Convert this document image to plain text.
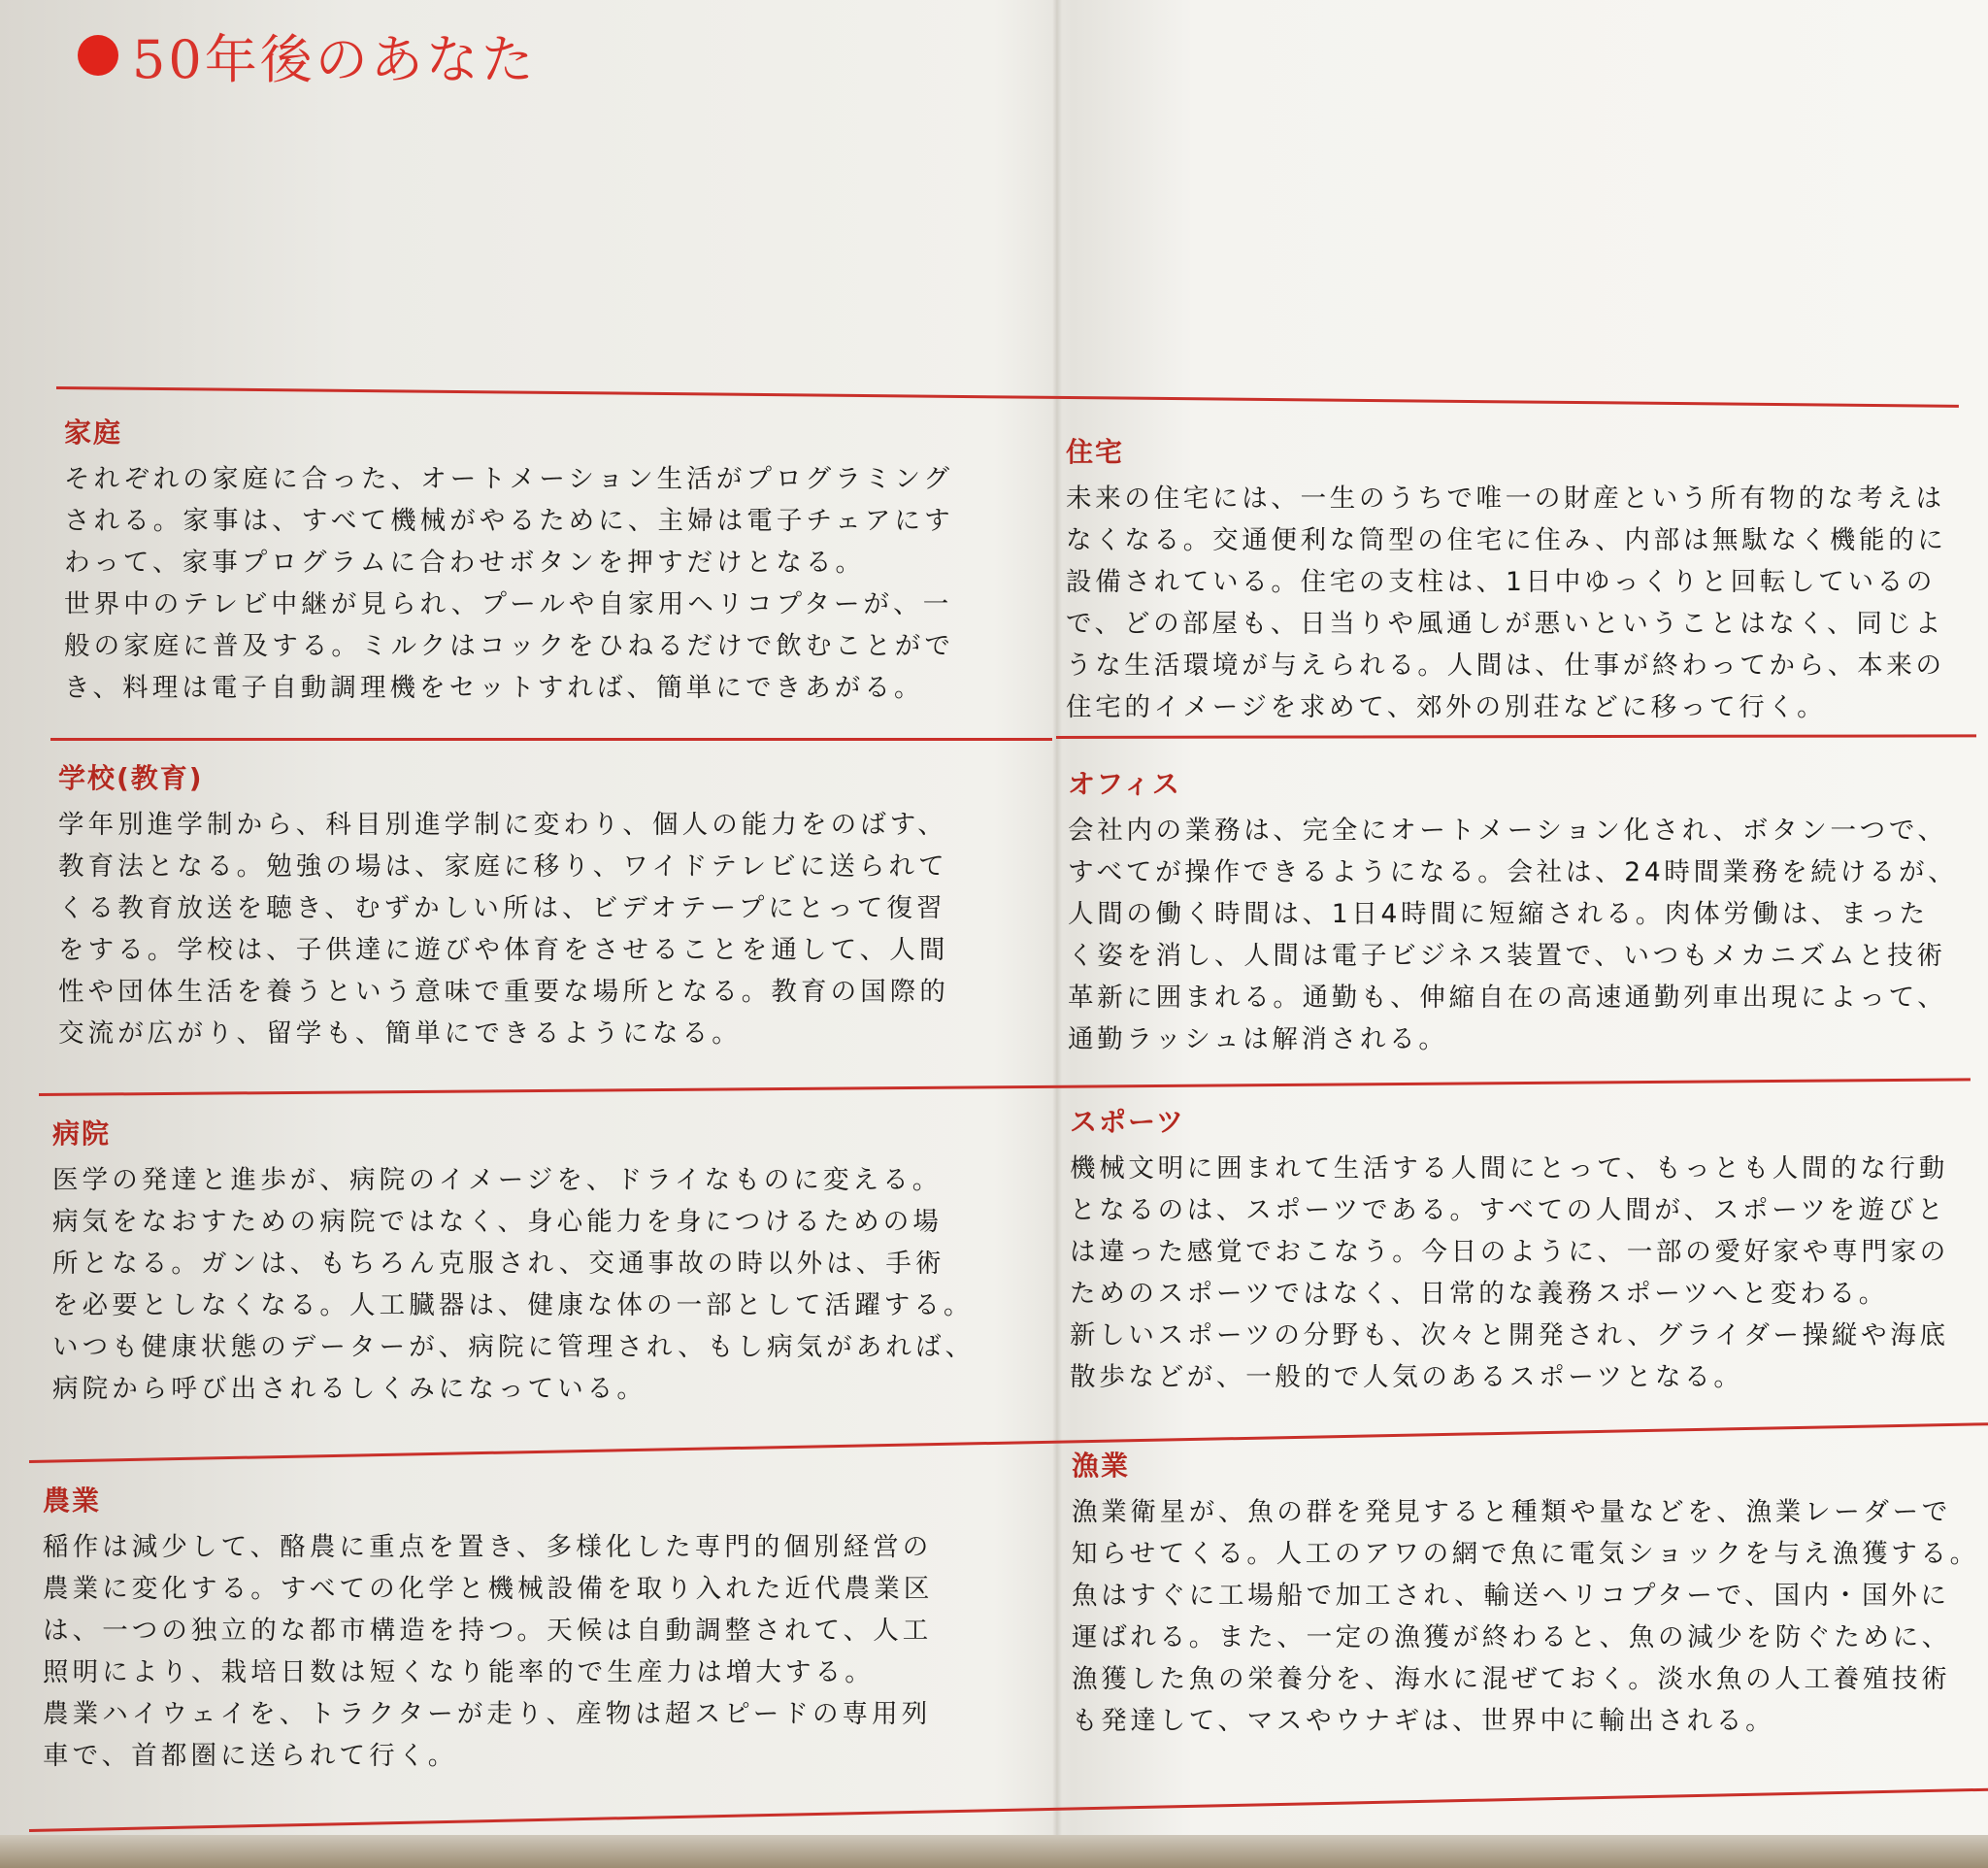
50年後のあなた
家庭
それぞれの家庭に合った、オートメーション生活がプログラミング
される。家事は、すべて機械がやるために、主婦は電子チェアにす
わって、家事プログラムに合わせボタンを押すだけとなる。
世界中のテレビ中継が見られ、プールや自家用ヘリコプターが、一
般の家庭に普及する。ミルクはコックをひねるだけで飲むことがで
き、料理は電子自動調理機をセットすれば、簡単にできあがる。
学校(教育)
学年別進学制から、科目別進学制に変わり、個人の能力をのばす、
教育法となる。勉強の場は、家庭に移り、ワイドテレビに送られて
くる教育放送を聴き、むずかしい所は、ビデオテープにとって復習
をする。学校は、子供達に遊びや体育をさせることを通して、人間
性や団体生活を養うという意味で重要な場所となる。教育の国際的
交流が広がり、留学も、簡単にできるようになる。
病院
医学の発達と進歩が、病院のイメージを、ドライなものに変える。
病気をなおすための病院ではなく、身心能力を身につけるための場
所となる。ガンは、もちろん克服され、交通事故の時以外は、手術
を必要としなくなる。人工臓器は、健康な体の一部として活躍する。
いつも健康状態のデーターが、病院に管理され、もし病気があれば、
病院から呼び出されるしくみになっている。
農業
稲作は減少して、酪農に重点を置き、多様化した専門的個別経営の
農業に変化する。すべての化学と機械設備を取り入れた近代農業区
は、一つの独立的な都市構造を持つ。天候は自動調整されて、人工
照明により、栽培日数は短くなり能率的で生産力は増大する。
農業ハイウェイを、トラクターが走り、産物は超スピードの専用列
車で、首都圏に送られて行く。
住宅
未来の住宅には、一生のうちで唯一の財産という所有物的な考えは
なくなる。交通便利な筒型の住宅に住み、内部は無駄なく機能的に
設備されている。住宅の支柱は、1日中ゆっくりと回転しているの
で、どの部屋も、日当りや風通しが悪いということはなく、同じよ
うな生活環境が与えられる。人間は、仕事が終わってから、本来の
住宅的イメージを求めて、郊外の別荘などに移って行く。
オフィス
会社内の業務は、完全にオートメーション化され、ボタン一つで、
すべてが操作できるようになる。会社は、24時間業務を続けるが、
人間の働く時間は、1日4時間に短縮される。肉体労働は、まった
く姿を消し、人間は電子ビジネス装置で、いつもメカニズムと技術
革新に囲まれる。通勤も、伸縮自在の高速通勤列車出現によって、
通勤ラッシュは解消される。
スポーツ
機械文明に囲まれて生活する人間にとって、もっとも人間的な行動
となるのは、スポーツである。すべての人間が、スポーツを遊びと
は違った感覚でおこなう。今日のように、一部の愛好家や専門家の
ためのスポーツではなく、日常的な義務スポーツへと変わる。
新しいスポーツの分野も、次々と開発され、グライダー操縦や海底
散歩などが、一般的で人気のあるスポーツとなる。
漁業
漁業衛星が、魚の群を発見すると種類や量などを、漁業レーダーで
知らせてくる。人工のアワの網で魚に電気ショックを与え漁獲する。
魚はすぐに工場船で加工され、輸送ヘリコプターで、国内・国外に
運ばれる。また、一定の漁獲が終わると、魚の減少を防ぐために、
漁獲した魚の栄養分を、海水に混ぜておく。淡水魚の人工養殖技術
も発達して、マスやウナギは、世界中に輸出される。
